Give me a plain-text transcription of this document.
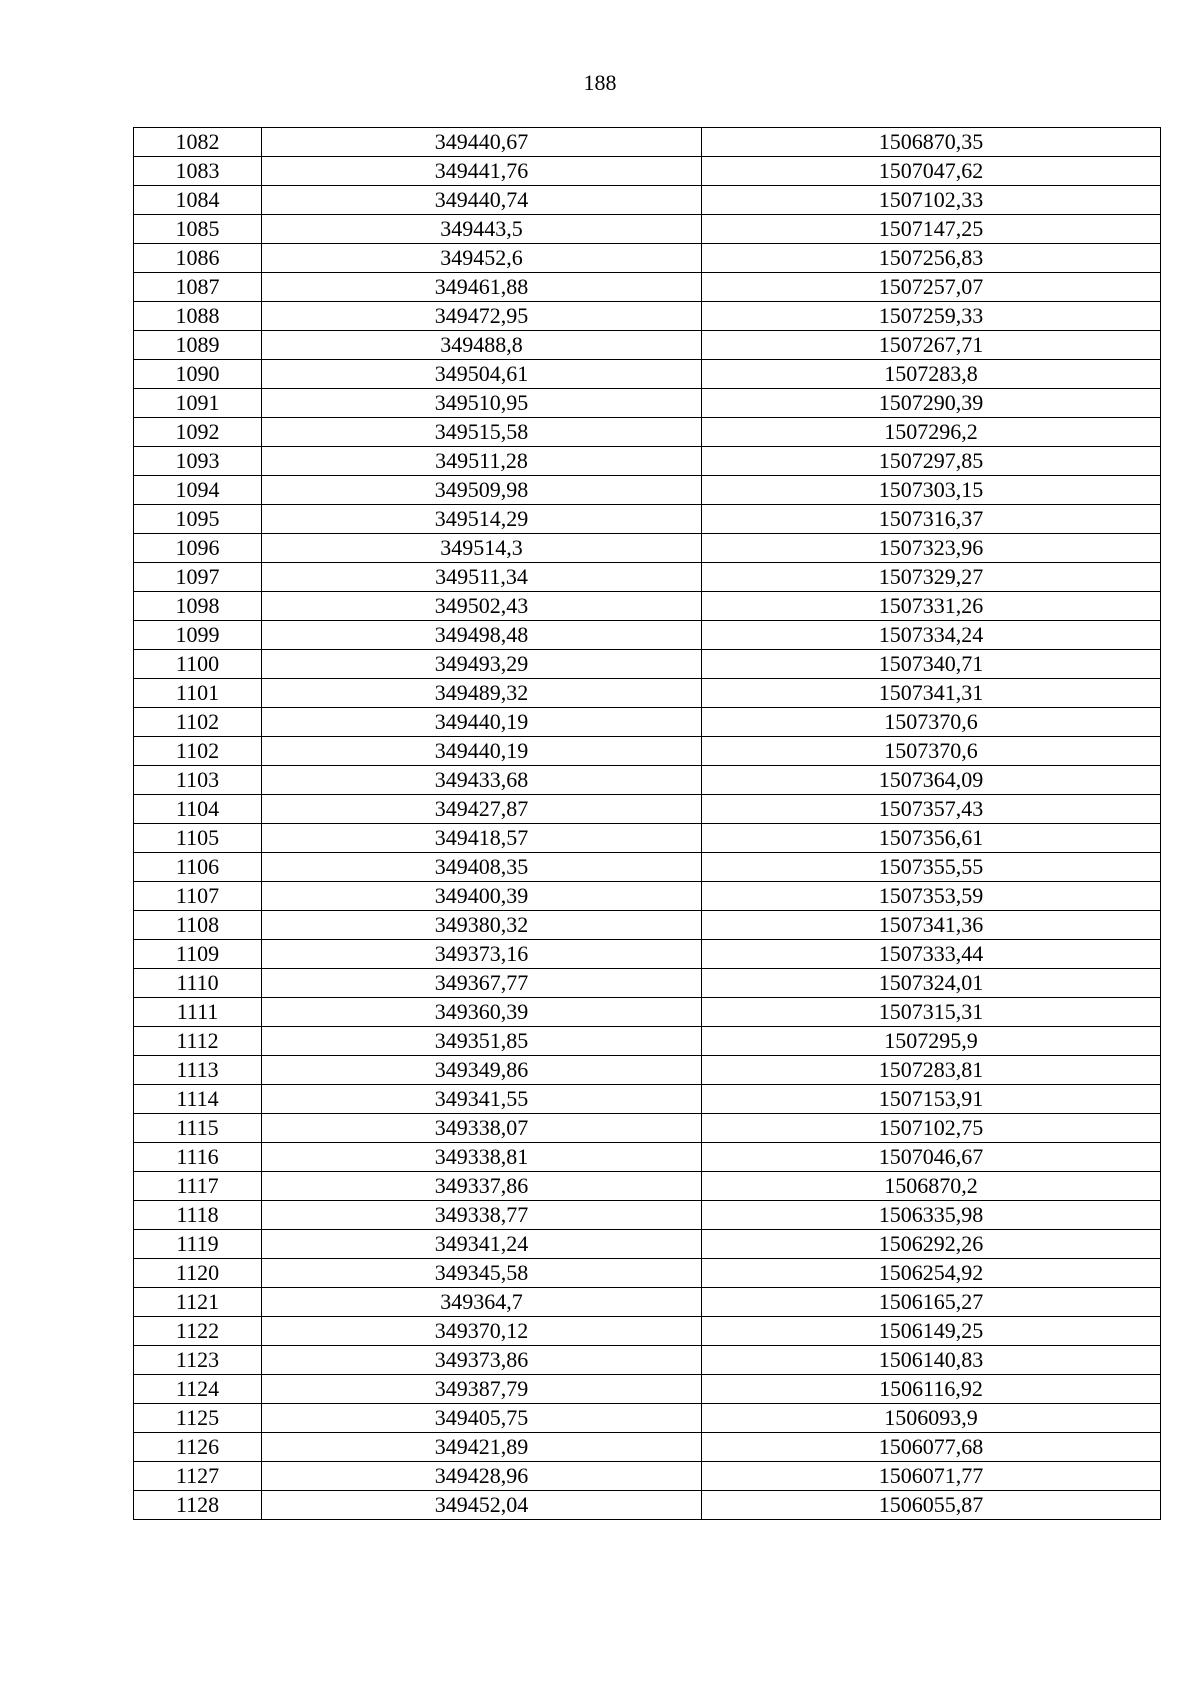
188
1082	349440,67	1506870,35
1083	349441,76	1507047,62
1084	349440,74	1507102,33
1085	349443,5	1507147,25
1086	349452,6	1507256,83
1087	349461,88	1507257,07
1088	349472,95	1507259,33
1089	349488,8	1507267,71
1090	349504,61	1507283,8
1091	349510,95	1507290,39
1092	349515,58	1507296,2
1093	349511,28	1507297,85
1094	349509,98	1507303,15
1095	349514,29	1507316,37
1096	349514,3	1507323,96
1097	349511,34	1507329,27
1098	349502,43	1507331,26
1099	349498,48	1507334,24
1100	349493,29	1507340,71
1101	349489,32	1507341,31
1102	349440,19	1507370,6
1102	349440,19	1507370,6
1103	349433,68	1507364,09
1104	349427,87	1507357,43
1105	349418,57	1507356,61
1106	349408,35	1507355,55
1107	349400,39	1507353,59
1108	349380,32	1507341,36
1109	349373,16	1507333,44
1110	349367,77	1507324,01
1111	349360,39	1507315,31
1112	349351,85	1507295,9
1113	349349,86	1507283,81
1114	349341,55	1507153,91
1115	349338,07	1507102,75
1116	349338,81	1507046,67
1117	349337,86	1506870,2
1118	349338,77	1506335,98
1119	349341,24	1506292,26
1120	349345,58	1506254,92
1121	349364,7	1506165,27
1122	349370,12	1506149,25
1123	349373,86	1506140,83
1124	349387,79	1506116,92
1125	349405,75	1506093,9
1126	349421,89	1506077,68
1127	349428,96	1506071,77
1128	349452,04	1506055,87
